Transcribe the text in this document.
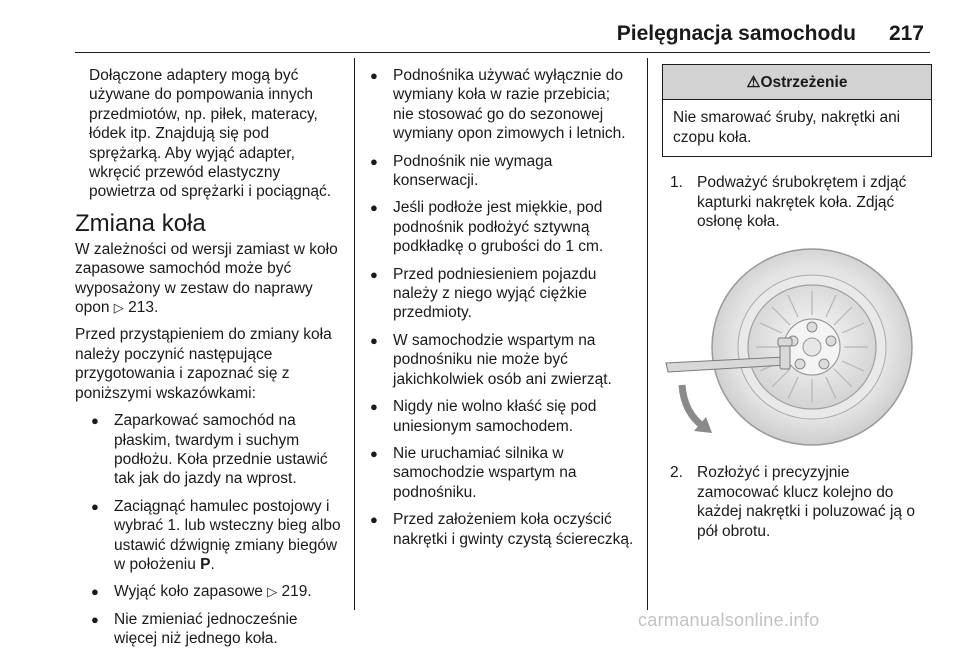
Pielęgnacja samochodu 217

Dołączone adaptery mogą być używane do pompowania innych przedmiotów, np. piłek, materacy, łódek itp. Znajdują się pod sprężarką. Aby wyjąć adapter, wkręcić przewód elastyczny powietrza od sprężarki i pociągnąć.

Zmiana koła

W zależności od wersji zamiast w koło zapasowe samochód może być wyposażony w zestaw do naprawy opon ▷ 213.

Przed przystąpieniem do zmiany koła należy poczynić następujące przygotowania i zapoznać się z poniższymi wskazówkami:

● Zaparkować samochód na płaskim, twardym i suchym podłożu. Koła przednie ustawić tak jak do jazdy na wprost.
● Zaciągnąć hamulec postojowy i wybrać 1. lub wsteczny bieg albo ustawić dźwignię zmiany biegów w położeniu P.
● Wyjąć koło zapasowe ▷ 219.
● Nie zmieniać jednocześnie więcej niż jednego koła.
● Podnośnika używać wyłącznie do wymiany koła w razie przebicia; nie stosować go do sezonowej wymiany opon zimowych i letnich.
● Podnośnik nie wymaga konserwacji.
● Jeśli podłoże jest miękkie, pod podnośnik podłożyć sztywną podkładkę o grubości do 1 cm.
● Przed podniesieniem pojazdu należy z niego wyjąć ciężkie przedmioty.
● W samochodzie wspartym na podnośniku nie może być jakichkolwiek osób ani zwierząt.
● Nigdy nie wolno kłaść się pod uniesionym samochodem.
● Nie uruchamiać silnika w samochodzie wspartym na podnośniku.
● Przed założeniem koła oczyścić nakrętki i gwinty czystą ściereczką.
⚠Ostrzeżenie
Nie smarować śruby, nakrętki ani czopu koła.
1. Podważyć śrubokrętem i zdjąć kapturki nakrętek koła. Zdjąć osłonę koła.
2. Rozłożyć i precyzyjnie zamocować klucz kolejno do każdej nakrętki i poluzować ją o pół obrotu.
carmanualsonline.info
